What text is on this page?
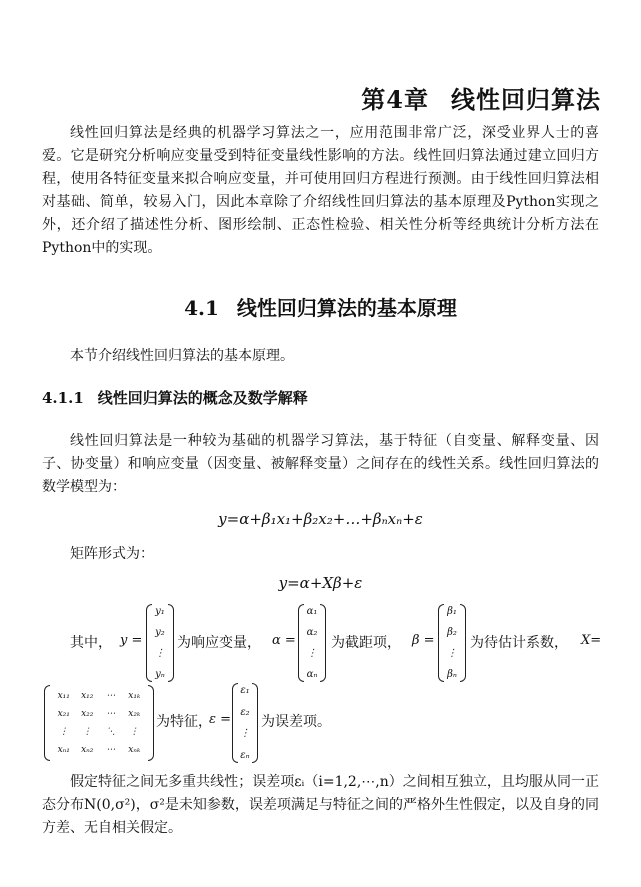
第4章 线性回归算法

线性回归算法是经典的机器学习算法之一，应用范围非常广泛，深受业界人士的喜爱。它是研究分析响应变量受到特征变量线性影响的方法。线性回归算法通过建立回归方程，使用各特征变量来拟合响应变量，并可使用回归方程进行预测。由于线性回归算法相对基础、简单，较易入门，因此本章除了介绍线性回归算法的基本原理及Python实现之外，还介绍了描述性分析、图形绘制、正态性检验、相关性分析等经典统计分析方法在Python中的实现。

4.1 线性回归算法的基本原理

本节介绍线性回归算法的基本原理。

4.1.1 线性回归算法的概念及数学解释

线性回归算法是一种较为基础的机器学习算法，基于特征（自变量、解释变量、因子、协变量）和响应变量（因变量、被解释变量）之间存在的线性关系。线性回归算法的数学模型为：

y=α+β₁x₁+β₂x₂+…+βₙxₙ+ε
矩阵形式为：
y=α+Xβ+ε
其中， y =
y₁
y₂
⋮
yₙ
为响应变量， α =
α₁
α₂
⋮
αₙ
为截距项， β =
β₁
β₂
⋮
βₙ
为待估计系数， X=
x₁₁ x₁₂ ⋯ x₁ₖ
x₂₁ x₂₂ ⋯ x₂ₖ
⋮ ⋮ ⋱ ⋮
xₙ₁ xₙ₂ ⋯ xₙₖ
为特征，
ε =
ε₁
ε₂
⋮
εₙ
为误差项。

假定特征之间无多重共线性；误差项εᵢ（i=1,2,⋯,n）之间相互独立，且均服从同一正态分布N(0,σ²)，σ²是未知参数，误差项满足与特征之间的严格外生性假定，以及自身的同方差、无自相关假定。
